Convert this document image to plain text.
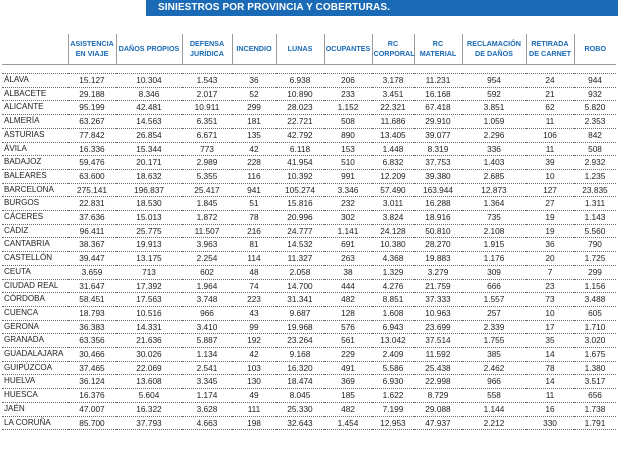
SINIESTROS POR PROVINCIA Y COBERTURAS.
	ASISTENCIA EN VIAJE	DAÑOS PROPIOS	DEFENSA JURÍDICA	INCENDIO	LUNAS	OCUPANTES	RC CORPORAL	RC MATERIAL	RECLAMACIÓN DE DAÑOS	RETIRADA DE CARNET	ROBO

ÁLAVA	15.127	10.304	1.543	36	6.938	206	3.178	11.231	954	24	944
ALBACETE	29.188	8.346	2.017	52	10.890	233	3.451	16.168	592	21	932
ALICANTE	95.199	42.481	10.911	299	28.023	1.152	22.321	67.418	3.851	62	5.820
ALMERÍA	63.267	14.563	6.351	181	22.721	508	11.686	29.910	1.059	11	2.353
ASTURIAS	77.842	26.854	6.671	135	42.792	890	13.405	39.077	2.296	106	842
ÁVILA	16.336	15.344	773	42	6.118	153	1.448	8.319	336	11	508
BADAJOZ	59.476	20.171	2.989	228	41.954	510	6.832	37.753	1.403	39	2.932
BALEARES	63.600	18.632	5.355	116	10.392	991	12.209	39.380	2.685	10	1.235
BARCELONA	275.141	196.837	25.417	941	105.274	3.346	57.490	163.944	12.873	127	23.835
BURGOS	22.831	18.530	1.845	51	15.816	232	3.011	16.288	1.364	27	1.311
CÁCERES	37.636	15.013	1.872	78	20.996	302	3.824	18.916	735	19	1.143
CÁDIZ	96.411	25.775	11.507	216	24.777	1.141	24.128	50.810	2.108	19	5.560
CANTABRIA	38.367	19.913	3.963	81	14.532	691	10.380	28.270	1.915	36	790
CASTELLÓN	39.447	13.175	2.254	114	11.327	263	4.368	19.883	1.176	20	1.725
CEUTA	3.659	713	602	48	2.058	38	1.329	3.279	309	7	299
CIUDAD REAL	31.647	17.392	1.964	74	14.700	444	4.276	21.759	666	23	1.156
CÓRDOBA	58.451	17.563	3.748	223	31.341	482	8.851	37.333	1.557	73	3.488
CUENCA	18.793	10.516	966	43	9.687	128	1.608	10.963	257	10	605
GERONA	36.383	14.331	3.410	99	19.968	576	6.943	23.699	2.339	17	1.710
GRANADA	63.356	21.636	5.887	192	23.264	561	13.042	37.514	1.755	35	3.020
GUADALAJARA	30.466	30.026	1.134	42	9.168	229	2.409	11.592	385	14	1.675
GUIPÚZCOA	37.465	22.069	2.541	103	16.320	491	5.586	25.438	2.462	78	1.380
HUELVA	36.124	13.608	3.345	130	18.474	369	6.930	22.998	966	14	3.517
HUESCA	16.376	5.604	1.174	49	8.045	185	1.622	8.729	558	11	656
JAÉN	47.007	16.322	3.628	111	25.330	482	7.199	29.088	1.144	16	1.738
LA CORUÑA	85.700	37.793	4.663	198	32.643	1.454	12.953	47.937	2.212	330	1.791
